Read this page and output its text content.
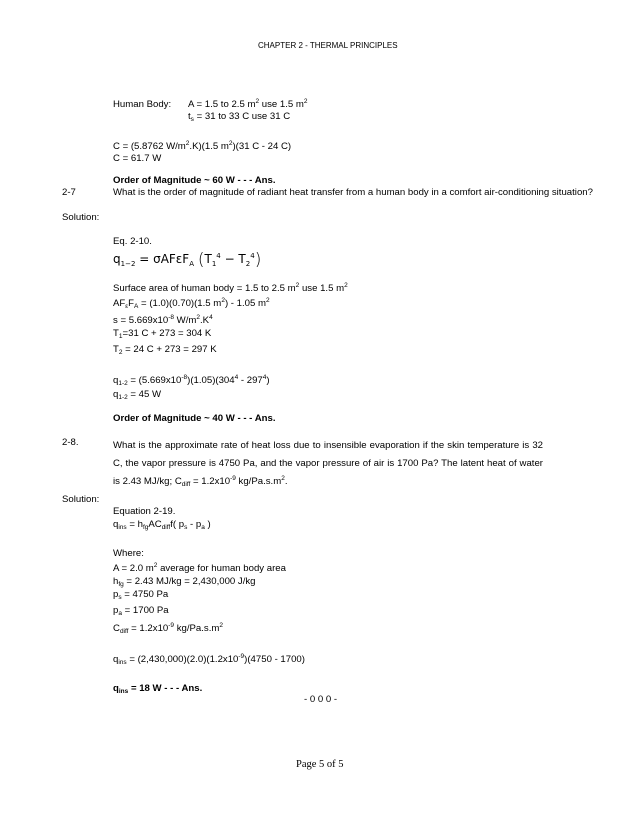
CHAPTER 2 - THERMAL PRINCIPLES
Human Body: A = 1.5 to 2.5 $m^2$ use 1.5 $m^2$
$t_s = 31$ to 33 C use 31 C
C = (5.8762 $W/m^2.K)(1.5$ $m^2)(31$ C - 24 C)
C = 61.7 W
Order of Magnitude ~ 60 W - - - Ans.
2-7	What is the order of magnitude of radiant heat transfer from a human body in a comfort air-conditioning situation?
Solution:
Eq. 2-10.
$q_{1-2} = \sigma AF\varepsilon F_A$ $(T_1^4 - T_2^4)$
Surface area of human body = 1.5 to 2.5 $m^2$ use 1.5 $m^2$
$AF_\varepsilon F_A = (1.0)(0.70)(1.5$ $m^2) - 1.05$ $m^2$
$s = 5.669x10^{-8}$ $W/m^2.K^4$
$T_1=31$ C + 273 = 304 K
$T_2 = 24$ C + 273 = 297 K
$q_{1-2} = (5.669x10^{-8})(1.05)(304^4 - 297^4)$
$q_{1-2} = 45$ W
Order of Magnitude ~ 40 W - - - Ans.
2-8.	What is the approximate rate of heat loss due to insensible evaporation if the skin temperature is 32 C, the vapor pressure is 4750 Pa, and the vapor pressure of air is 1700 Pa? The latent heat of water is 2.43 MJ/kg; $C_{diff} = 1.2x10^{-9}$ $kg/Pa.s.m^2$.
Solution:
Equation 2-19.
$q_{ins} = h_{fg}AC_{diff}f$( $p_s - p_a$ )
Where:
A = 2.0 $m^2$ average for human body area
$h_{fg} = 2.43$ MJ/kg = 2,430,000 J/kg
$p_s = 4750$ Pa
$p_a = 1700$ Pa
$C_{diff} = 1.2x10^{-9}$ $kg/Pa.s.m^2$
$q_{ins} = (2,430,000)(2.0)(1.2x10^{-9})(4750 - 1700)$
$q_{ins} = 18$ W - - - Ans.
- 0 0 0 -
Page 5 of 5
